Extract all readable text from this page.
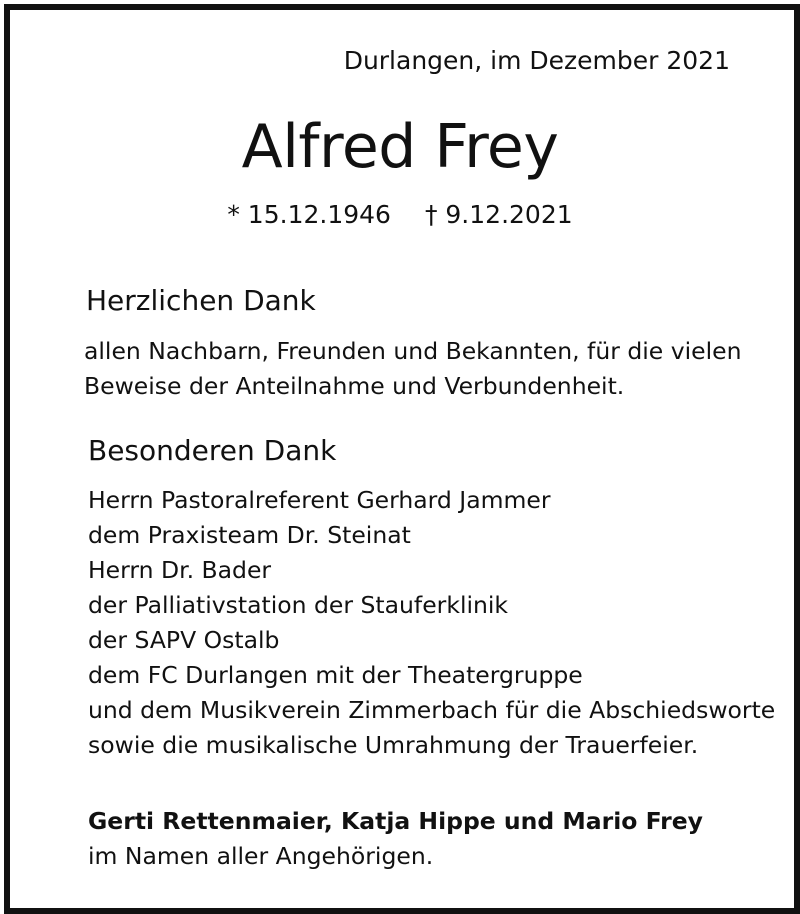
Durlangen, im Dezember 2021
Alfred Frey
* 15.12.1946 † 9.12.2021
Herzlichen Dank
allen Nachbarn, Freunden und Bekannten, für die vielen
Beweise der Anteilnahme und Verbundenheit.
Besonderen Dank
Herrn Pastoralreferent Gerhard Jammer
dem Praxisteam Dr. Steinat
Herrn Dr. Bader
der Palliativstation der Stauferklinik
der SAPV Ostalb
dem FC Durlangen mit der Theatergruppe
und dem Musikverein Zimmerbach für die Abschiedsworte
sowie die musikalische Umrahmung der Trauerfeier.
Gerti Rettenmaier, Katja Hippe und Mario Frey
im Namen aller Angehörigen.
